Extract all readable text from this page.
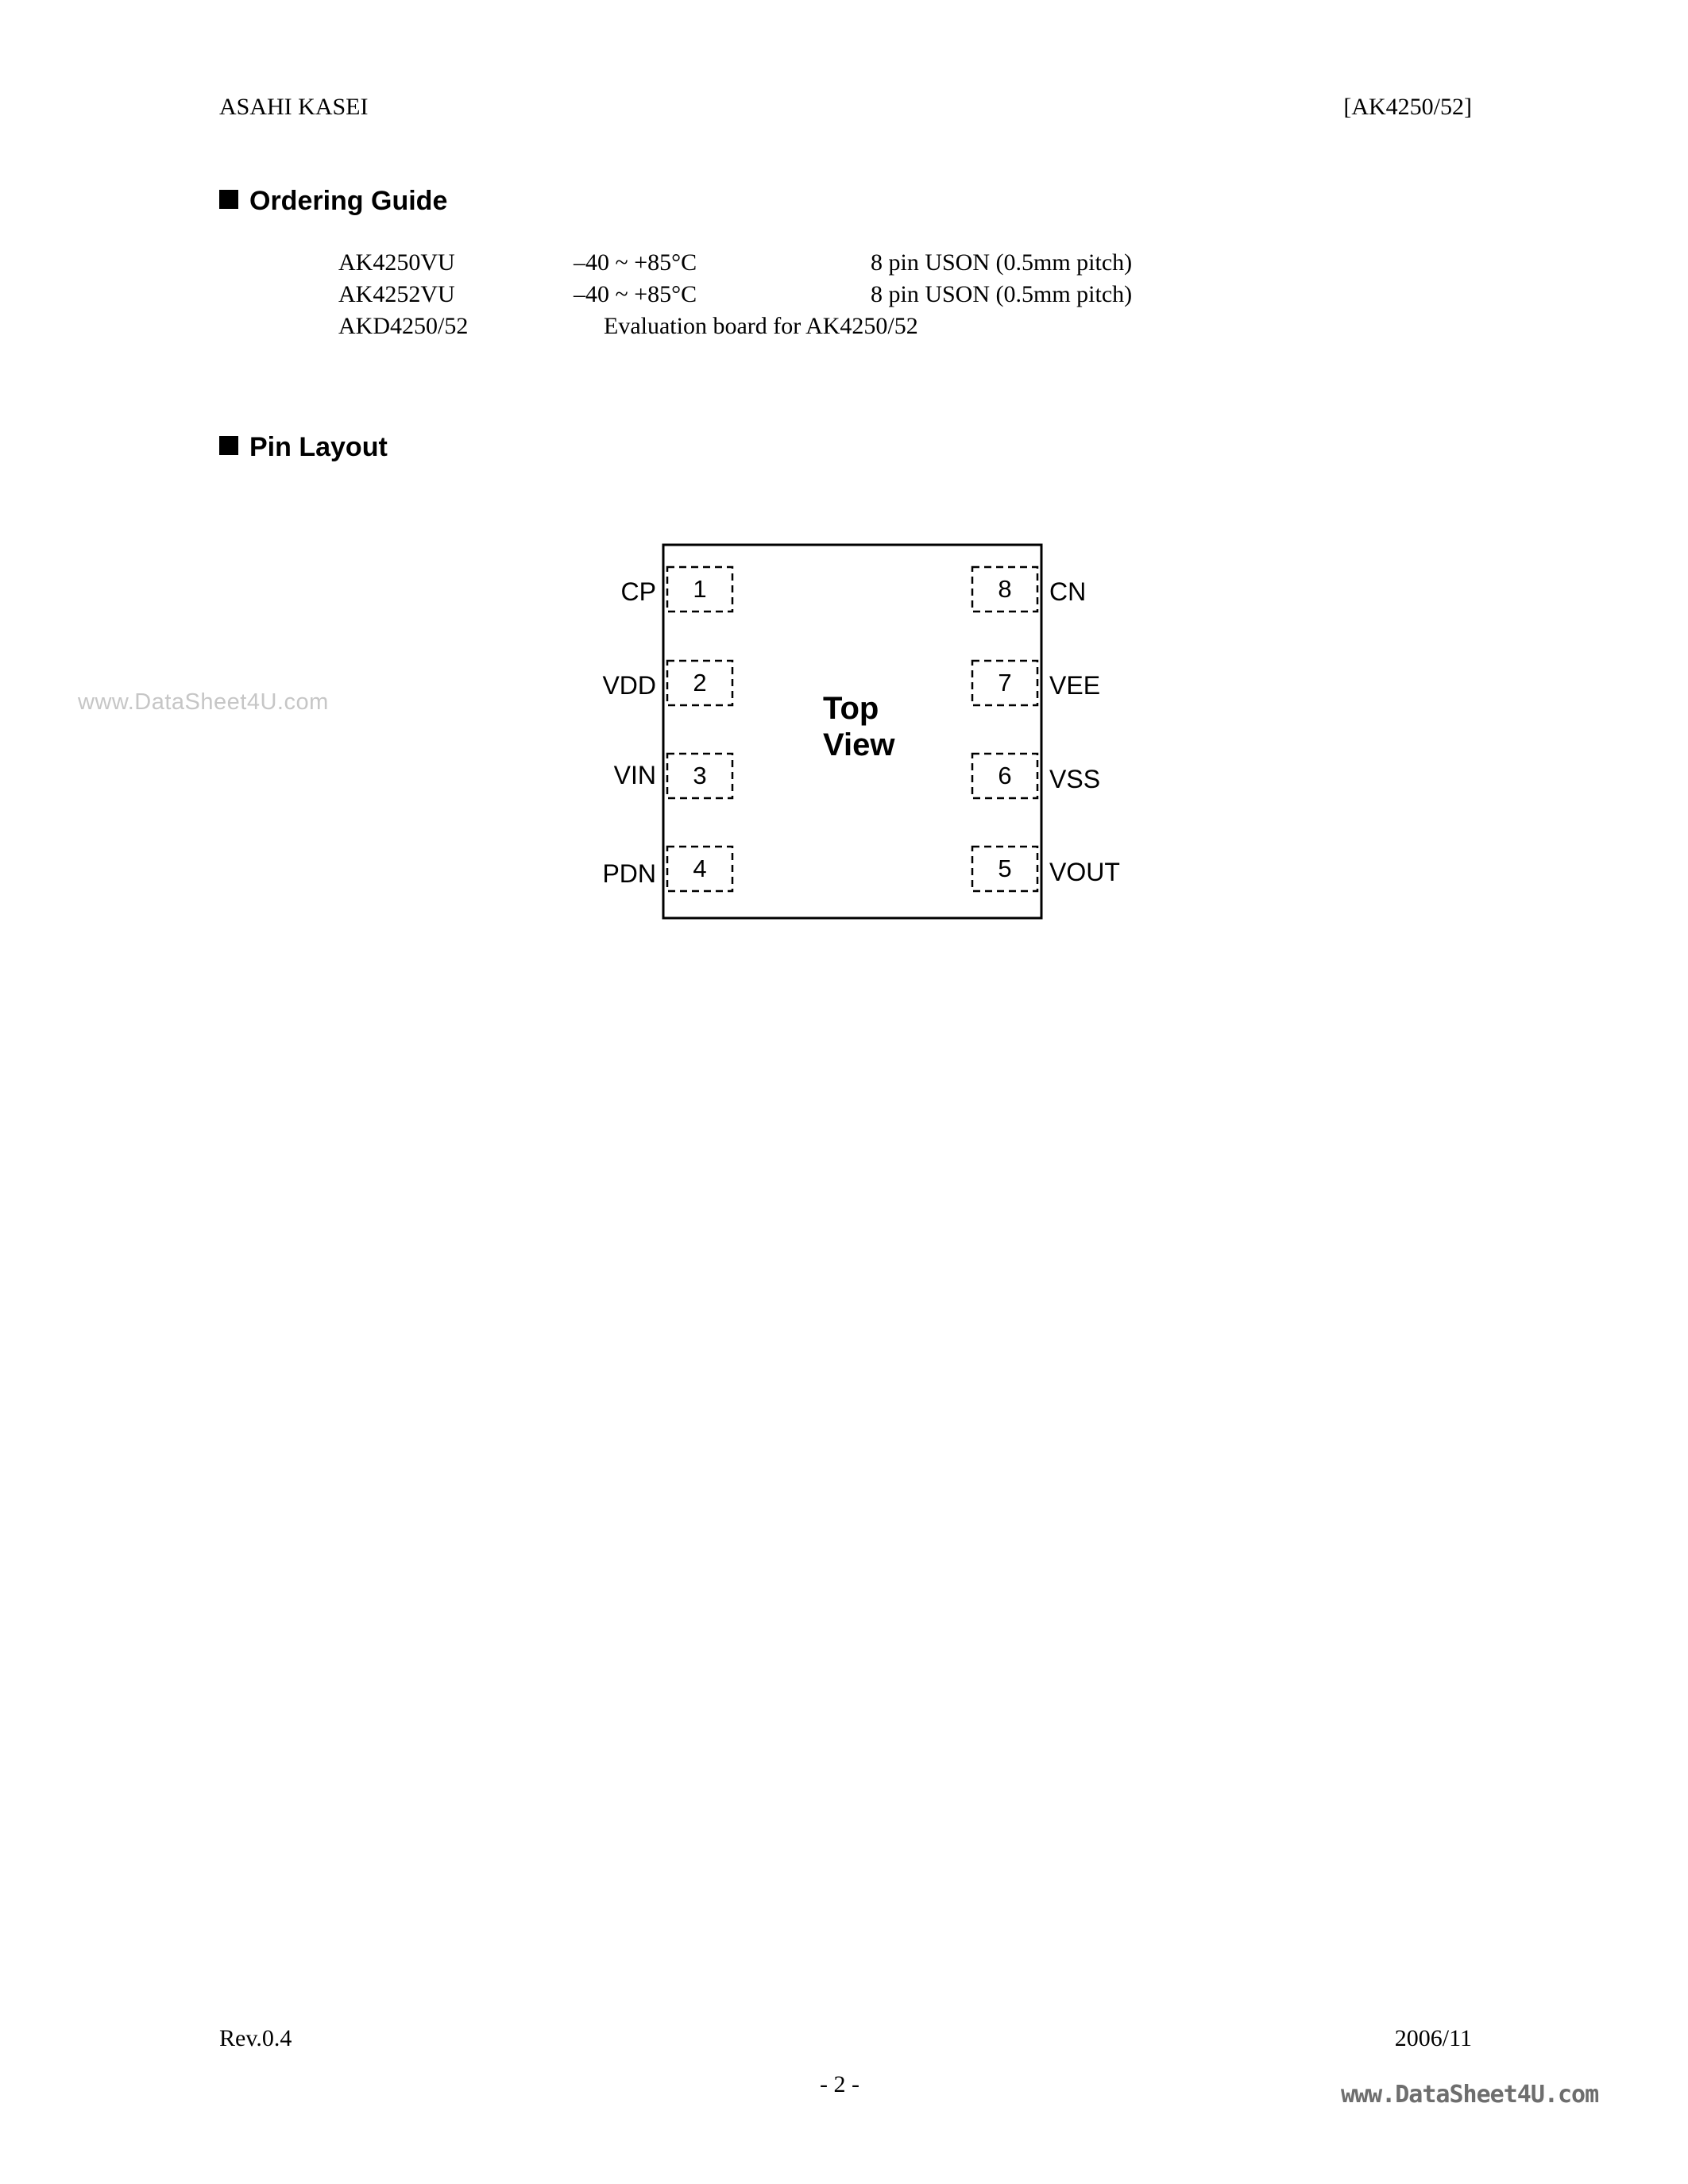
ASAHI KASEI	[AK4250/52]
Ordering Guide
AK4250VU	–40 ~ +85°C	8 pin USON (0.5mm pitch)
AK4252VU	–40 ~ +85°C	8 pin USON (0.5mm pitch)
AKD4250/52	Evaluation board for AK4250/52
Pin Layout
www.DataSheet4U.com
1
2
3
4
8
7
6
5
Top
View
CP
VDD
VIN
PDN
CN
VEE
VSS
VOUT
Rev.0.4	2006/11
- 2 -	www.DataSheet4U.com
